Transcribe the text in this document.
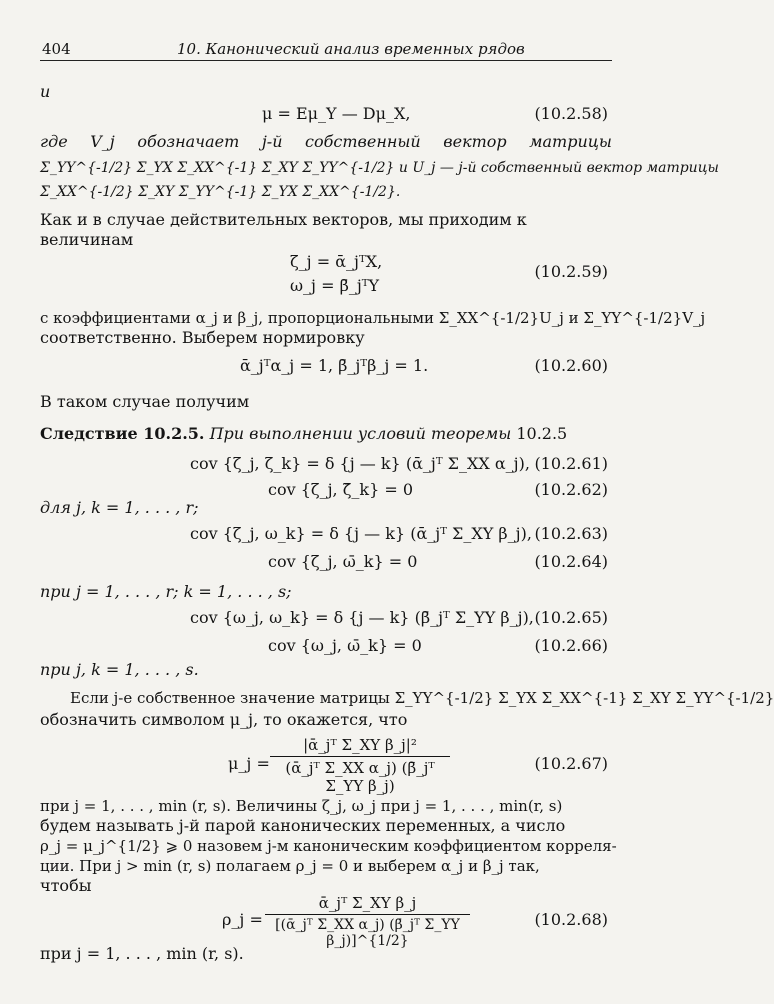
404	10. Канонический анализ временных рядов
и
μ = Eμ_Y — Dμ_X,	(10.2.58)
где V_j обозначает j-й собственный вектор матрицы
Σ_YY^{-1/2} Σ_YX Σ_XX^{-1} Σ_XY Σ_YY^{-1/2} и U_j — j-й собственный вектор матрицы
Σ_XX^{-1/2} Σ_XY Σ_YY^{-1} Σ_YX Σ_XX^{-1/2}.
Как и в случае действительных векторов, мы приходим к
величинам
ζ_j = ᾱ_jᵀX,
(10.2.59)
ω_j = β̄_jᵀY
с коэффициентами α_j и β_j, пропорциональными Σ_XX^{-1/2}U_j и Σ_YY^{-1/2}V_j
соответственно. Выберем нормировку
ᾱ_jᵀα_j = 1, β̄_jᵀβ_j = 1.	(10.2.60)
В таком случае получим
Следствие 10.2.5. При выполнении условий теоремы 10.2.5
cov {ζ_j, ζ_k} = δ {j — k} (ᾱ_jᵀ Σ_XX α_j), (10.2.61)
cov {ζ_j, ζ̄_k} = 0	(10.2.62)
для j, k = 1, . . . , r;
cov {ζ_j, ω_k} = δ {j — k} (ᾱ_jᵀ Σ_XY β_j), (10.2.63)
cov {ζ_j, ω̄_k} = 0	(10.2.64)
при j = 1, . . . , r; k = 1, . . . , s;
cov {ω_j, ω_k} = δ {j — k} (β̄_jᵀ Σ_YY β_j), (10.2.65)
cov {ω_j, ω̄_k} = 0	(10.2.66)
при j, k = 1, . . . , s.
Если j-е собственное значение матрицы Σ_YY^{-1/2} Σ_YX Σ_XX^{-1} Σ_XY Σ_YY^{-1/2}
обозначить символом μ_j, то окажется, что
μ_j = $\frac{\text{|ᾱ\_jᵀ Σ\_XY β\_j|²}}{\text{(ᾱ\_jᵀ Σ\_XX α\_j) (β̄\_jᵀ Σ\_YY β\_j)}}$	(10.2.67)
при j = 1, . . . , min (r, s). Величины ζ_j, ω_j при j = 1, . . . , min(r, s)
будем называть j-й парой канонических переменных, а число
ρ_j = μ_j^{1/2} ⩾ 0 назовем j-м каноническим коэффициентом корреля-
ции. При j > min (r, s) полагаем ρ_j = 0 и выберем α_j и β_j так,
чтобы
ρ_j = $\frac{\text{ᾱ\_jᵀ Σ\_XY β\_j}}{\text{[(ᾱ\_jᵀ Σ\_XX α\_j) (β̄\_jᵀ Σ\_YY β\_j)]\textasciicircum{}\{1/2\}}}$	(10.2.68)
при j = 1, . . . , min (r, s).
